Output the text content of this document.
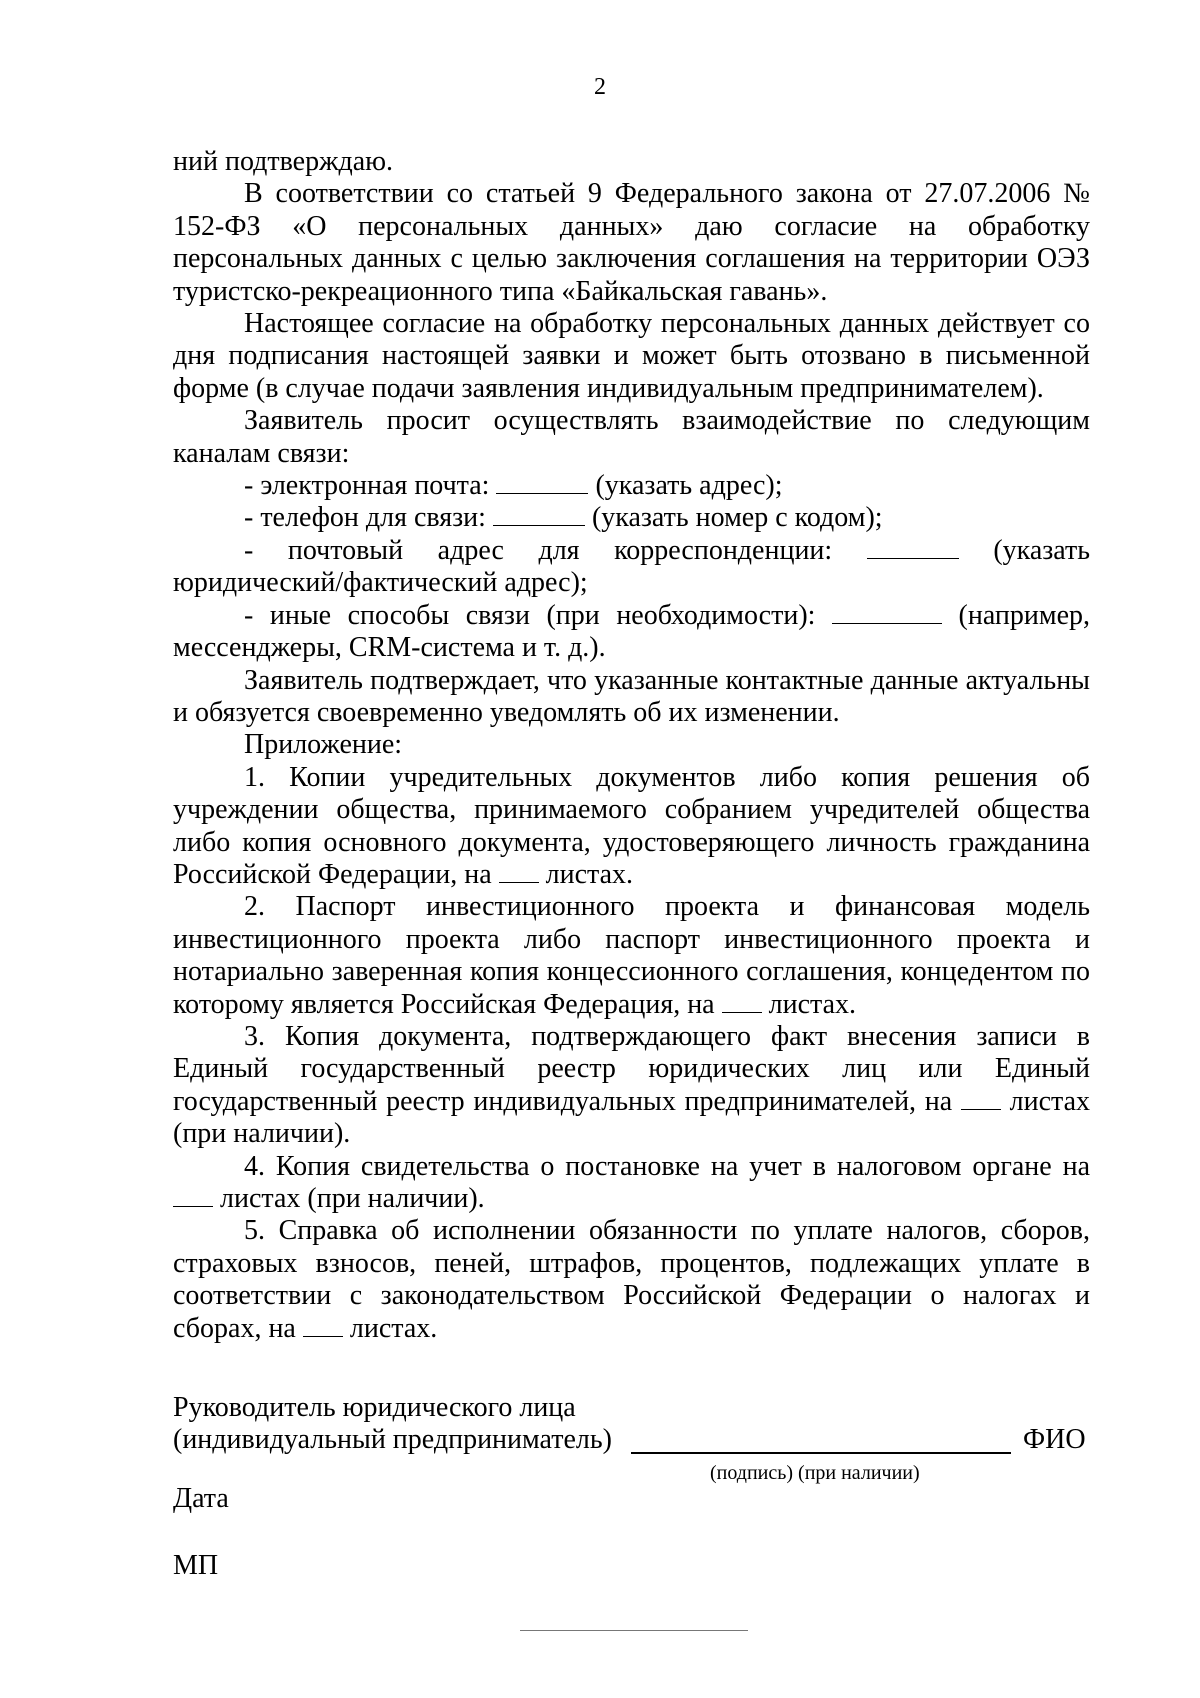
2

ний подтверждаю.

В соответствии со статьей 9 Федерального закона от 27.07.2006 № 152-ФЗ «О персональных данных» даю согласие на обработку персональных данных с целью заключения соглашения на территории ОЭЗ туристско-рекреационного типа «Байкальская гавань».

Настоящее согласие на обработку персональных данных действует со дня подписания настоящей заявки и может быть отозвано в письменной форме (в случае подачи заявления индивидуальным предпринимателем).

Заявитель просит осуществлять взаимодействие по следующим каналам связи:

- электронная почта:	(указать адрес);

- телефон для связи:	(указать номер с кодом);

- почтовый адрес для корреспонденции:	(указать юридический/фактический адрес);

- иные способы связи (при необходимости):	(например, мессенджеры, CRM-система и т. д.).

Заявитель подтверждает, что указанные контактные данные актуальны и обязуется своевременно уведомлять об их изменении.

Приложение:

1. Копии учредительных документов либо копия решения об учреждении общества, принимаемого собранием учредителей общества либо копия основного документа, удостоверяющего личность гражданина Российской Федерации, на листах.

2. Паспорт инвестиционного проекта и финансовая модель инвестиционного проекта либо паспорт инвестиционного проекта и нотариально заверенная копия концессионного соглашения, концедентом по которому является Российская Федерация, на листах.

3. Копия документа, подтверждающего факт внесения записи в Единый государственный реестр юридических лиц или Единый государственный реестр индивидуальных предпринимателей, на листах (при наличии).

4. Копия свидетельства о постановке на учет в налоговом органе на  листах (при наличии).

5. Справка об исполнении обязанности по уплате налогов, сборов, страховых взносов, пеней, штрафов, процентов, подлежащих уплате в соответствии с законодательством Российской Федерации о налогах и сборах, на листах.

Руководитель юридического лица
(индивидуальный предприниматель)	ФИО
(подпись) (при наличии)
Дата
МП
